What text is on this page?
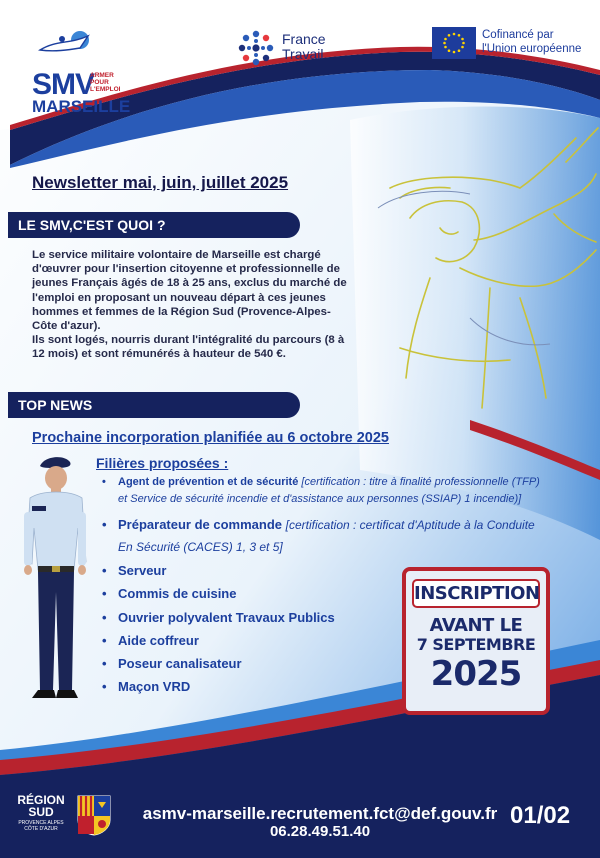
SMV
ARMER POUR L'EMPLOI
MARSEILLE
France
Travail
Cofinancé par
l'Union européenne
Newsletter mai, juin, juillet 2025
LE SMV,C'EST QUOI ?
Le service militaire volontaire de Marseille est chargé d'œuvrer pour l'insertion citoyenne et professionnelle de jeunes Français âgés de 18 à 25 ans, exclus du marché de l'emploi en proposant un nouveau départ à ces jeunes hommes et femmes de la Région Sud (Provence-Alpes-Côte d'azur).
Ils sont logés, nourris durant l'intégralité du parcours (8 à 12 mois) et sont rémunérés à hauteur de 540 €.
TOP NEWS
Prochaine incorporation planifiée au 6 octobre 2025
Filières proposées :
• Agent de prévention et de sécurité [certification : titre à finalité professionnelle (TFP) et Service de sécurité incendie et d'assistance aux personnes (SSIAP) 1 incendie)]
• Préparateur de commande [certification : certificat d'Aptitude à la Conduite En Sécurité (CACES) 1, 3 et 5]
• Serveur
• Commis de cuisine
• Ouvrier polyvalent Travaux Publics
• Aide coffreur
• Poseur canalisateur
• Maçon VRD
INSCRIPTION
AVANT LE
7 SEPTEMBRE
2025
RÉGION SUD
PROVENCE ALPES CÔTE D'AZUR
asmv-marseille.recrutement.fct@def.gouv.fr
06.28.49.51.40
01/02
